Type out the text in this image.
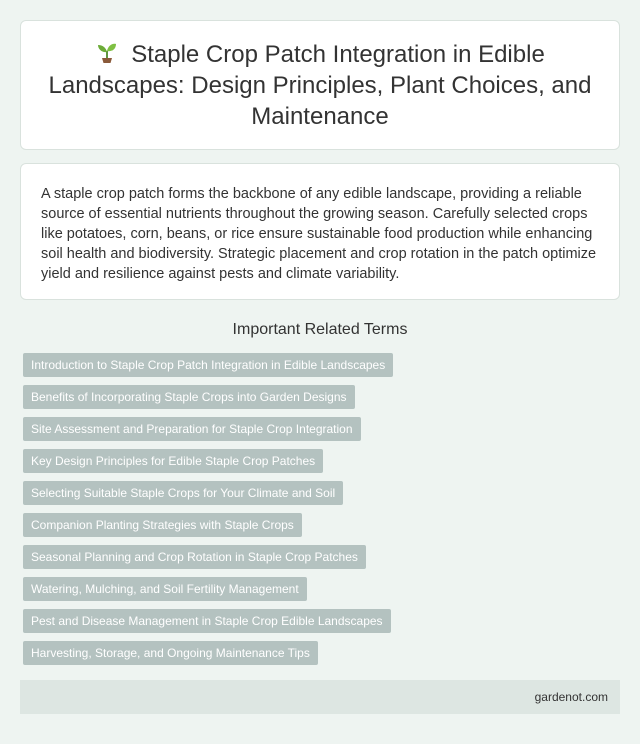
Staple Crop Patch Integration in Edible Landscapes: Design Principles, Plant Choices, and Maintenance

A staple crop patch forms the backbone of any edible landscape, providing a reliable source of essential nutrients throughout the growing season. Carefully selected crops like potatoes, corn, beans, or rice ensure sustainable food production while enhancing soil health and biodiversity. Strategic placement and crop rotation in the patch optimize yield and resilience against pests and climate variability.

Important Related Terms
Introduction to Staple Crop Patch Integration in Edible Landscapes
Benefits of Incorporating Staple Crops into Garden Designs
Site Assessment and Preparation for Staple Crop Integration
Key Design Principles for Edible Staple Crop Patches
Selecting Suitable Staple Crops for Your Climate and Soil
Companion Planting Strategies with Staple Crops
Seasonal Planning and Crop Rotation in Staple Crop Patches
Watering, Mulching, and Soil Fertility Management
Pest and Disease Management in Staple Crop Edible Landscapes
Harvesting, Storage, and Ongoing Maintenance Tips
gardenot.com
